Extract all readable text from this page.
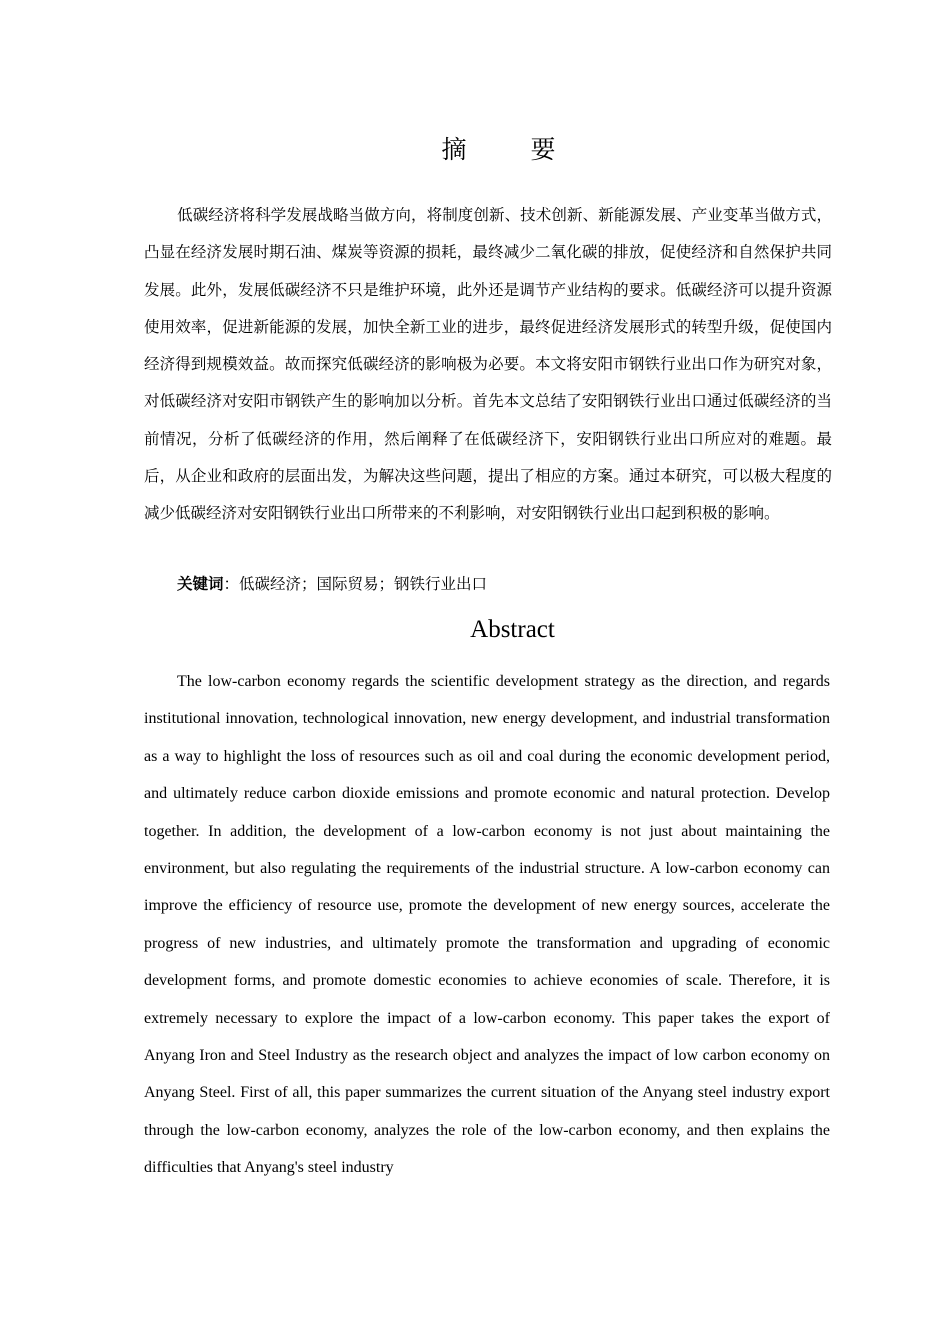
摘 要

低碳经济将科学发展战略当做方向，将制度创新、技术创新、新能源发展、产业变革当做方式，凸显在经济发展时期石油、煤炭等资源的损耗，最终减少二氧化碳的排放，促使经济和自然保护共同发展。此外，发展低碳经济不只是维护环境，此外还是调节产业结构的要求。低碳经济可以提升资源使用效率，促进新能源的发展，加快全新工业的进步，最终促进经济发展形式的转型升级，促使国内经济得到规模效益。故而探究低碳经济的影响极为必要。本文将安阳市钢铁行业出口作为研究对象，对低碳经济对安阳市钢铁产生的影响加以分析。首先本文总结了安阳钢铁行业出口通过低碳经济的当前情况，分析了低碳经济的作用，然后阐释了在低碳经济下，安阳钢铁行业出口所应对的难题。最后，从企业和政府的层面出发，为解决这些问题，提出了相应的方案。通过本研究，可以极大程度的减少低碳经济对安阳钢铁行业出口所带来的不利影响，对安阳钢铁行业出口起到积极的影响。

关键词：低碳经济；国际贸易；钢铁行业出口
Abstract

The low-carbon economy regards the scientific development strategy as the direction, and regards institutional innovation, technological innovation, new energy development, and industrial transformation as a way to highlight the loss of resources such as oil and coal during the economic development period, and ultimately reduce carbon dioxide emissions and promote economic and natural protection. Develop together. In addition, the development of a low-carbon economy is not just about maintaining the environment, but also regulating the requirements of the industrial structure. A low-carbon economy can improve the efficiency of resource use, promote the development of new energy sources, accelerate the progress of new industries, and ultimately promote the transformation and upgrading of economic development forms, and promote domestic economies to achieve economies of scale. Therefore, it is extremely necessary to explore the impact of a low-carbon economy. This paper takes the export of Anyang Iron and Steel Industry as the research object and analyzes the impact of low carbon economy on Anyang Steel. First of all, this paper summarizes the current situation of the Anyang steel industry export through the low-carbon economy, analyzes the role of the low-carbon economy, and then explains the difficulties that Anyang's steel industry
